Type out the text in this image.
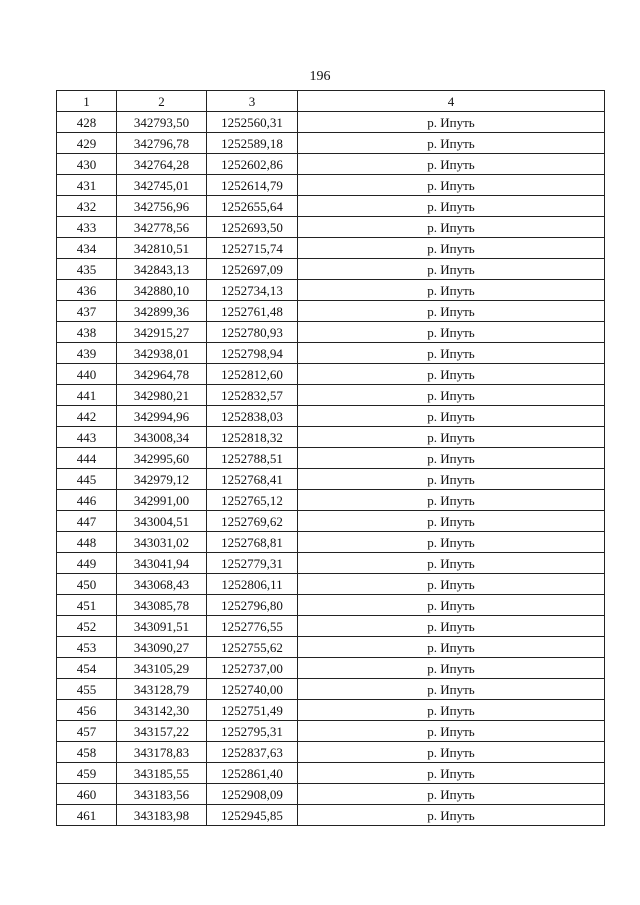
196
1	2	3	4
428	342793,50	1252560,31	р. Ипуть
429	342796,78	1252589,18	р. Ипуть
430	342764,28	1252602,86	р. Ипуть
431	342745,01	1252614,79	р. Ипуть
432	342756,96	1252655,64	р. Ипуть
433	342778,56	1252693,50	р. Ипуть
434	342810,51	1252715,74	р. Ипуть
435	342843,13	1252697,09	р. Ипуть
436	342880,10	1252734,13	р. Ипуть
437	342899,36	1252761,48	р. Ипуть
438	342915,27	1252780,93	р. Ипуть
439	342938,01	1252798,94	р. Ипуть
440	342964,78	1252812,60	р. Ипуть
441	342980,21	1252832,57	р. Ипуть
442	342994,96	1252838,03	р. Ипуть
443	343008,34	1252818,32	р. Ипуть
444	342995,60	1252788,51	р. Ипуть
445	342979,12	1252768,41	р. Ипуть
446	342991,00	1252765,12	р. Ипуть
447	343004,51	1252769,62	р. Ипуть
448	343031,02	1252768,81	р. Ипуть
449	343041,94	1252779,31	р. Ипуть
450	343068,43	1252806,11	р. Ипуть
451	343085,78	1252796,80	р. Ипуть
452	343091,51	1252776,55	р. Ипуть
453	343090,27	1252755,62	р. Ипуть
454	343105,29	1252737,00	р. Ипуть
455	343128,79	1252740,00	р. Ипуть
456	343142,30	1252751,49	р. Ипуть
457	343157,22	1252795,31	р. Ипуть
458	343178,83	1252837,63	р. Ипуть
459	343185,55	1252861,40	р. Ипуть
460	343183,56	1252908,09	р. Ипуть
461	343183,98	1252945,85	р. Ипуть
